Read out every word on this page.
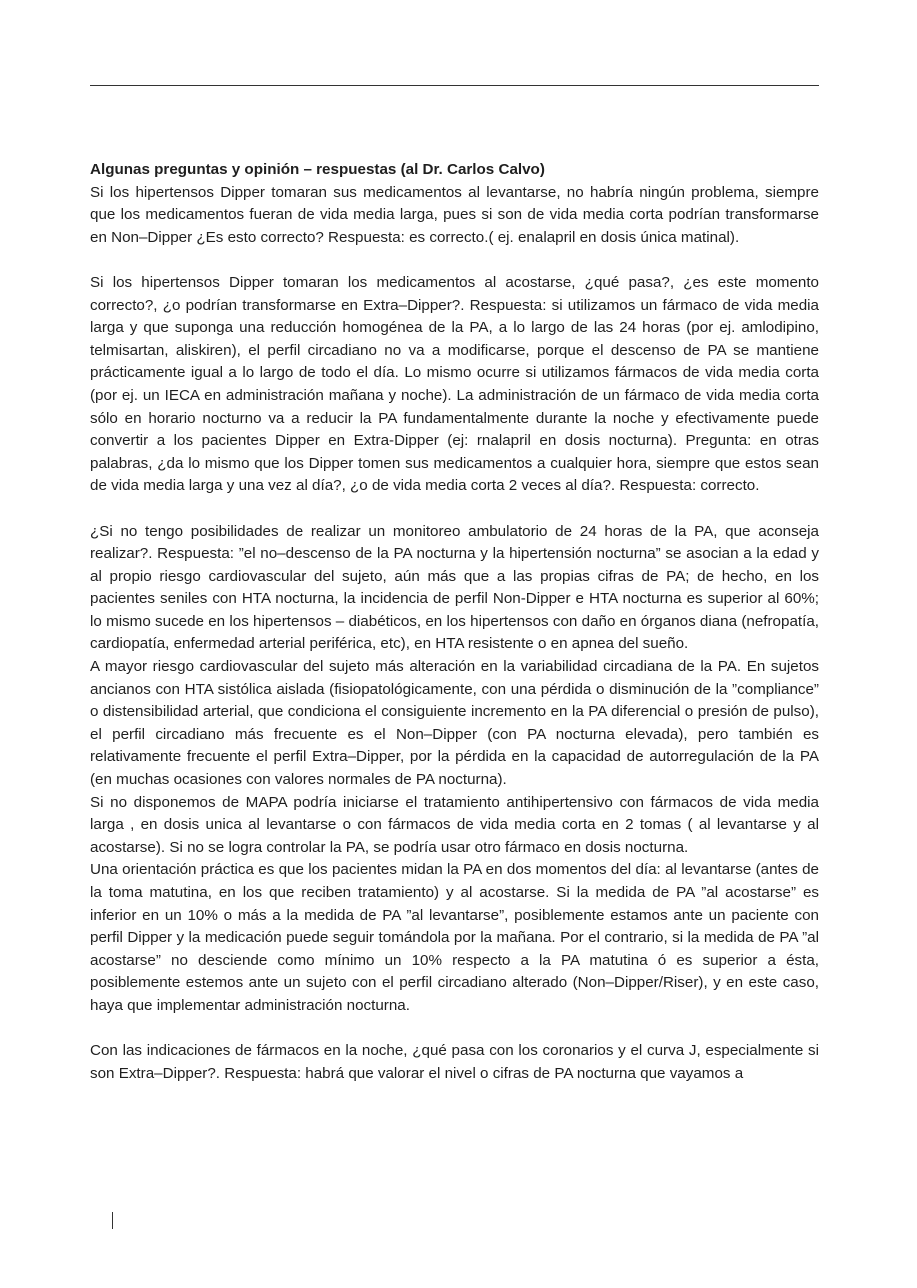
Algunas preguntas y opinión – respuestas (al Dr. Carlos Calvo)
Si los hipertensos Dipper tomaran sus medicamentos al levantarse, no habría ningún problema, siempre que los medicamentos fueran de vida media larga, pues si son de vida media corta podrían transformarse en Non–Dipper ¿Es esto correcto? Respuesta: es correcto.( ej. enalapril en dosis única matinal).

Si los hipertensos Dipper tomaran los medicamentos al acostarse, ¿qué pasa?, ¿es este momento correcto?, ¿o podrían transformarse en Extra–Dipper?. Respuesta: si utilizamos un fármaco de vida media larga y que suponga una reducción homogénea de la PA, a lo largo de las 24 horas (por ej. amlodipino, telmisartan, aliskiren), el perfil circadiano no va a modificarse, porque el descenso de PA se mantiene prácticamente igual a lo largo de todo el día. Lo mismo ocurre si utilizamos fármacos de vida media corta (por ej. un IECA en administración mañana y noche). La administración de un fármaco de vida media corta sólo en horario nocturno va a reducir la PA fundamentalmente durante la noche y efectivamente puede convertir a los pacientes Dipper en Extra-Dipper (ej: rnalapril en dosis nocturna). Pregunta: en otras palabras, ¿da lo mismo que los Dipper tomen sus medicamentos a cualquier hora, siempre que estos sean de vida media larga y una vez al día?, ¿o de vida media corta 2 veces al día?. Respuesta: correcto.

¿Si no tengo posibilidades de realizar un monitoreo ambulatorio de 24 horas de la PA, que aconseja realizar?. Respuesta: ”el no–descenso de la PA nocturna y la hipertensión nocturna” se asocian a la edad y al propio riesgo cardiovascular del sujeto, aún más que a las propias cifras de PA; de hecho, en los pacientes seniles con HTA nocturna, la incidencia de perfil Non-Dipper e HTA nocturna es superior al 60%; lo mismo sucede en los hipertensos – diabéticos, en los hipertensos con daño en órganos diana (nefropatía, cardiopatía, enfermedad arterial periférica, etc), en HTA resistente o en apnea del sueño.

A mayor riesgo cardiovascular del sujeto más alteración en la variabilidad circadiana de la PA. En sujetos ancianos con HTA sistólica aislada (fisiopatológicamente, con una pérdida o disminución de la ”compliance” o distensibilidad arterial, que condiciona el consiguiente incremento en la PA diferencial o presión de pulso), el perfil circadiano más frecuente es el Non–Dipper (con PA nocturna elevada), pero también es relativamente frecuente el perfil Extra–Dipper, por la pérdida en la capacidad de autorregulación de la PA (en muchas ocasiones con valores normales de PA nocturna).

Si no disponemos de MAPA podría iniciarse el tratamiento antihipertensivo con fármacos de vida media larga , en dosis unica al levantarse o con fármacos de vida media corta en 2 tomas ( al levantarse y al acostarse). Si no se logra controlar la PA, se podría usar otro fármaco en dosis nocturna.

Una orientación práctica es que los pacientes midan la PA en dos momentos del día: al levantarse (antes de la toma matutina, en los que reciben tratamiento) y al acostarse. Si la medida de PA ”al acostarse” es inferior en un 10% o más a la medida de PA ”al levantarse”, posiblemente estamos ante un paciente con perfil Dipper y la medicación puede seguir tomándola por la mañana. Por el contrario, si la medida de PA ”al acostarse” no desciende como mínimo un 10% respecto a la PA matutina ó es superior a ésta, posiblemente estemos ante un sujeto con el perfil circadiano alterado (Non–Dipper/Riser), y en este caso, haya que implementar administración nocturna.

Con las indicaciones de fármacos en la noche, ¿qué pasa con los coronarios y el curva J, especialmente si son Extra–Dipper?. Respuesta: habrá que valorar el nivel o cifras de PA nocturna que vayamos a
